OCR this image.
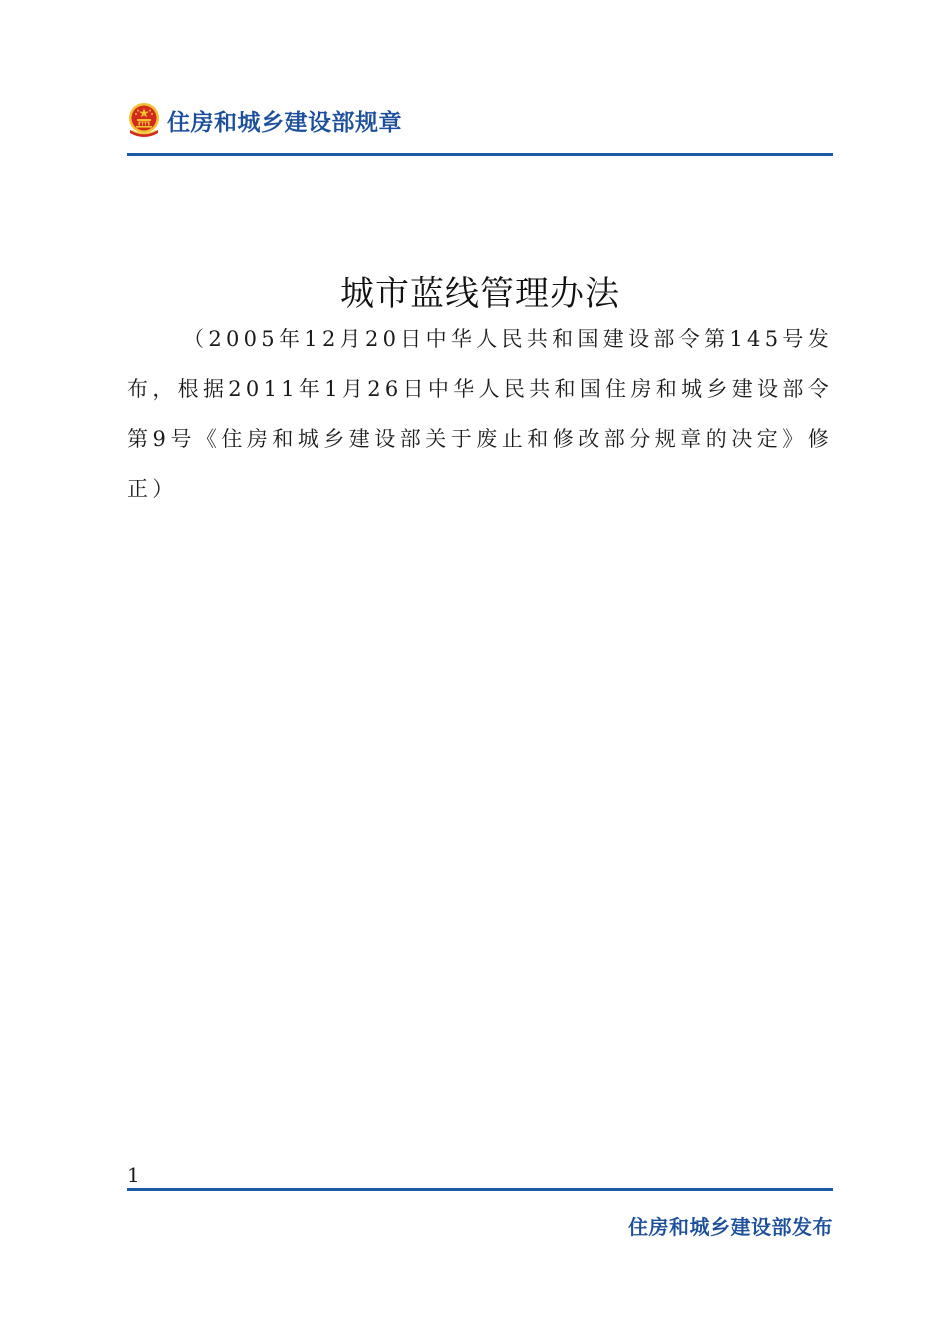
住房和城乡建设部规章
城市蓝线管理办法
（2005年12月20日中华人民共和国建设部令第145号发布，根据2011年1月26日中华人民共和国住房和城乡建设部令第9号《住房和城乡建设部关于废止和修改部分规章的决定》修正）
1
住房和城乡建设部发布
